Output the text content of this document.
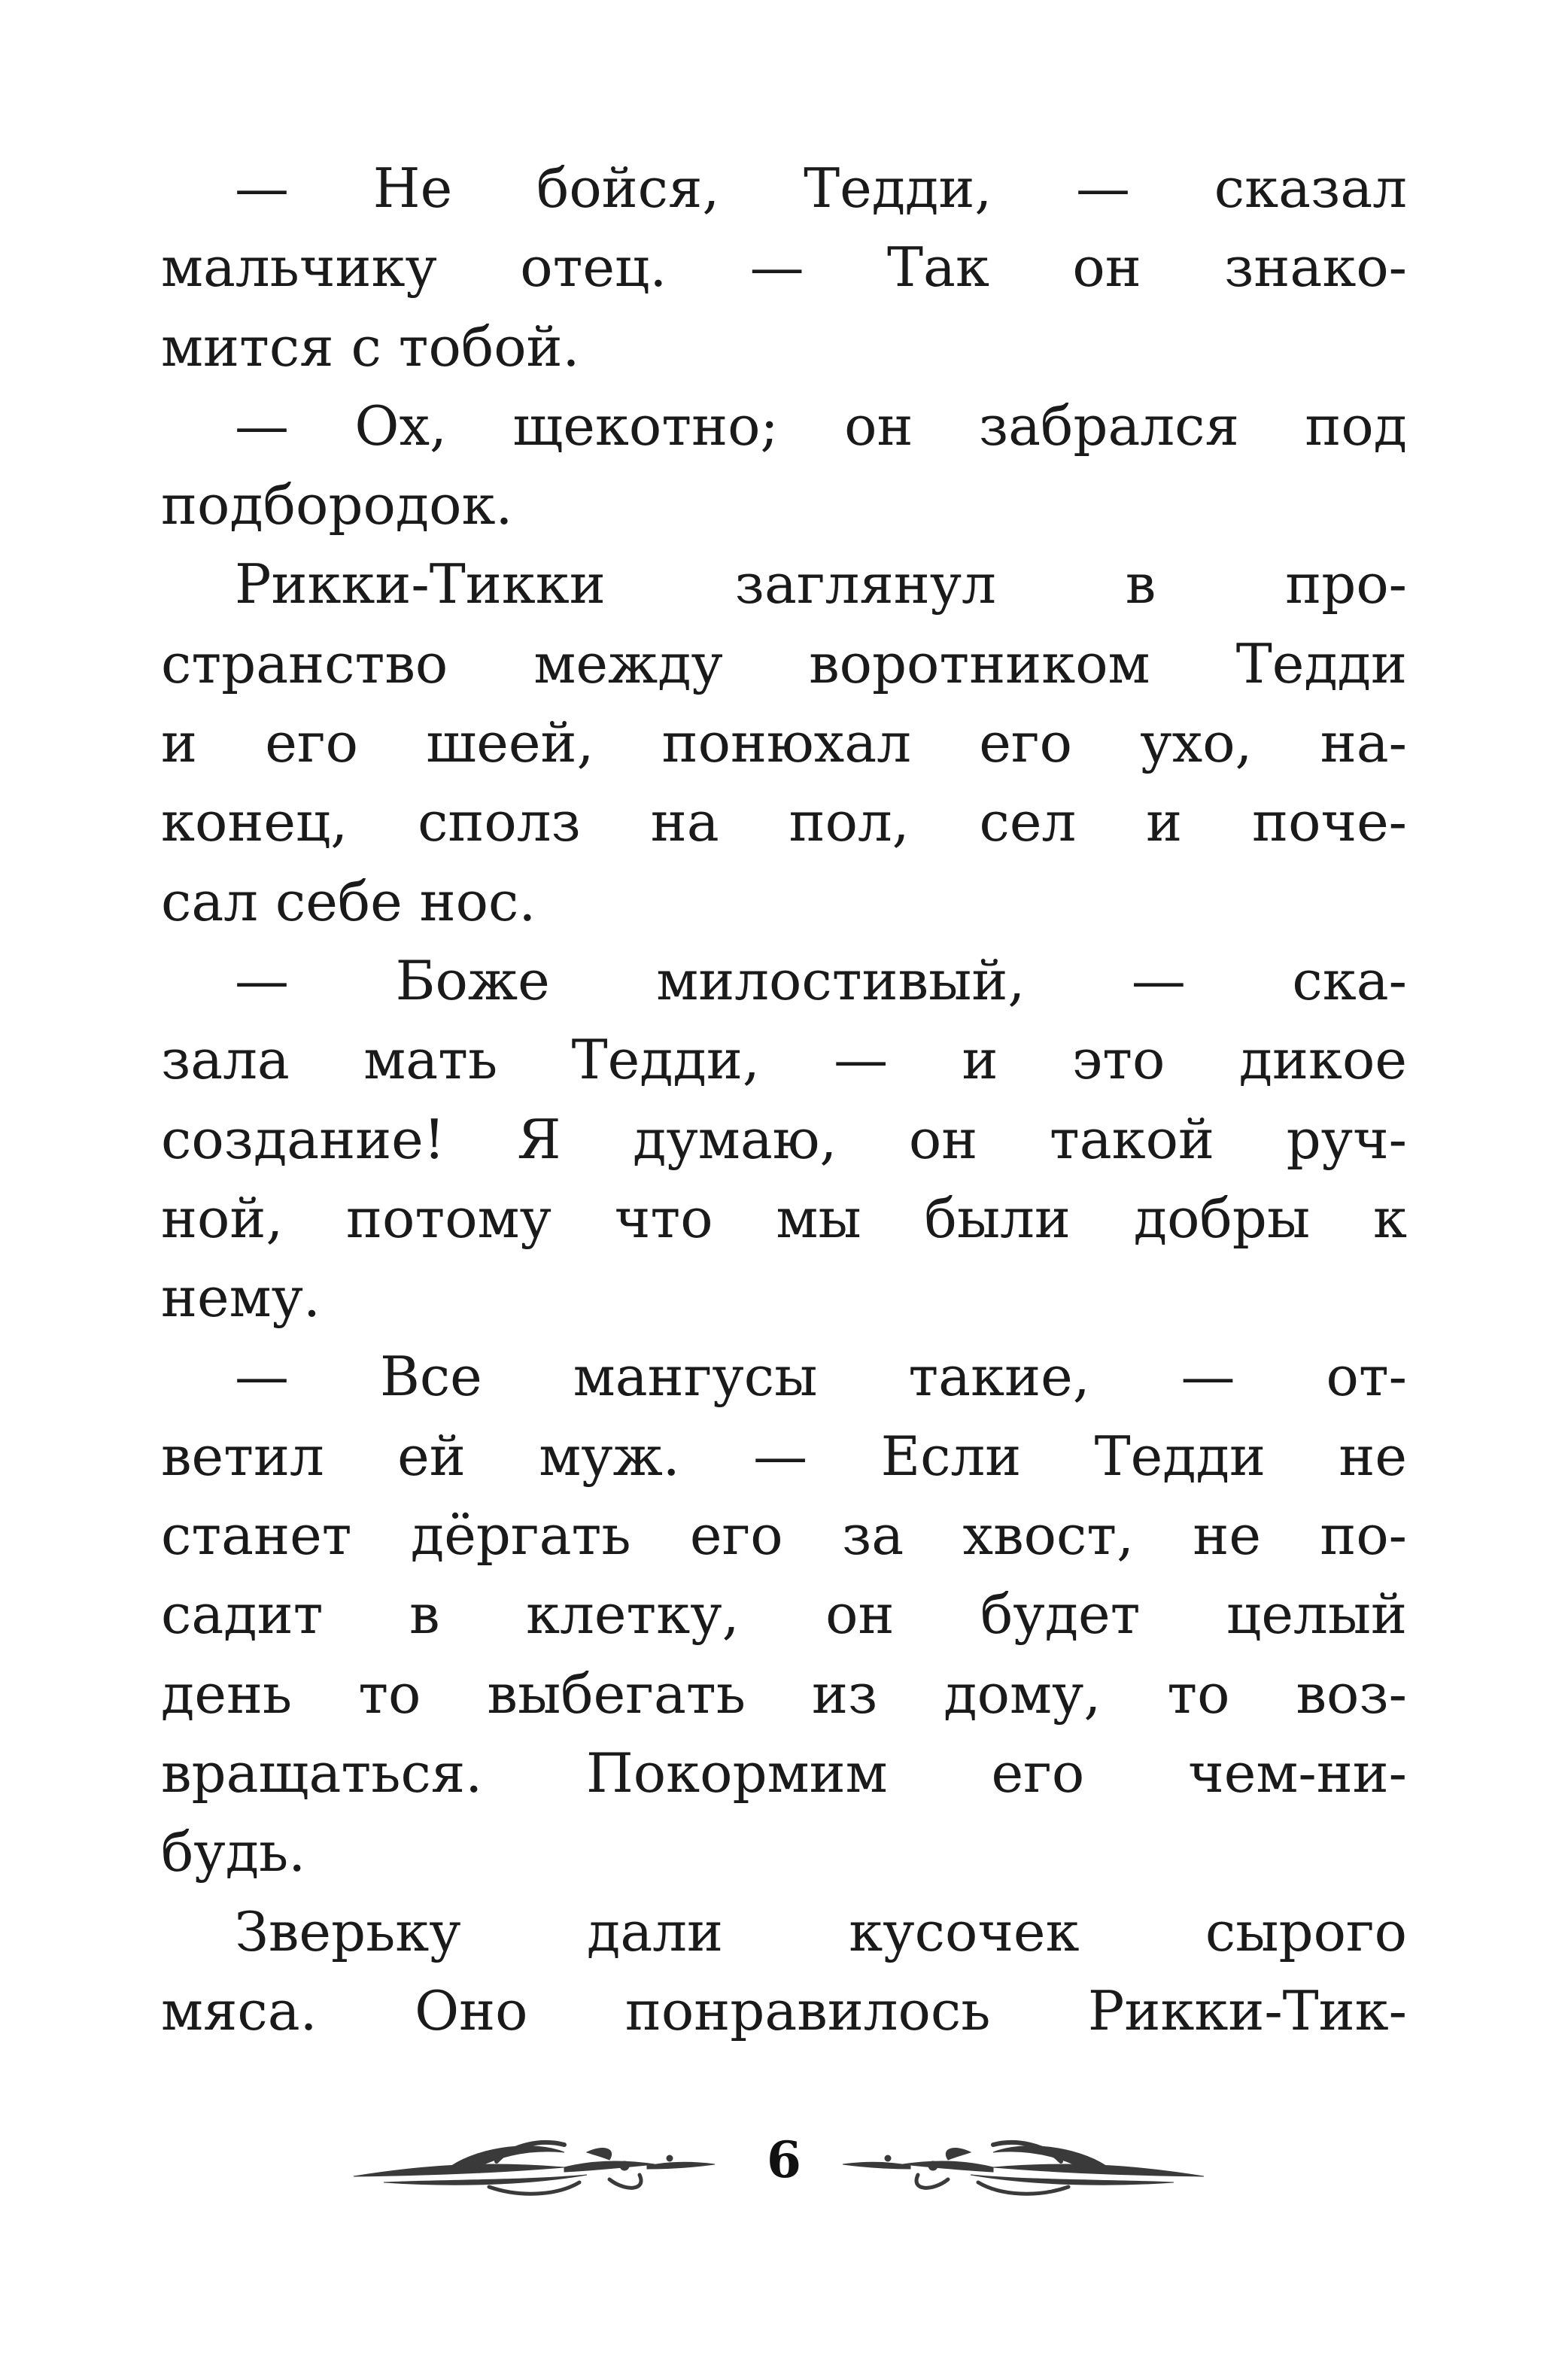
— Не бойся, Тедди, — сказал
мальчику отец. — Так он знако-
мится с тобой.
— Ох, щекотно; он забрался под
подбородок.
Рикки-Тикки заглянул в про-
странство между воротником Тедди
и его шеей, понюхал его ухо, на-
конец, сполз на пол, сел и поче-
сал себе нос.
— Боже милостивый, — ска-
зала мать Тедди, — и это дикое
создание! Я думаю, он такой руч-
ной, потому что мы были добры к
нему.
— Все мангусы такие, — от-
ветил ей муж. — Если Тедди не
станет дёргать его за хвост, не по-
садит в клетку, он будет целый
день то выбегать из дому, то воз-
вращаться. Покормим его чем-ни-
будь.
Зверьку дали кусочек сырого
мяса. Оно понравилось Рикки-Тик-
6
